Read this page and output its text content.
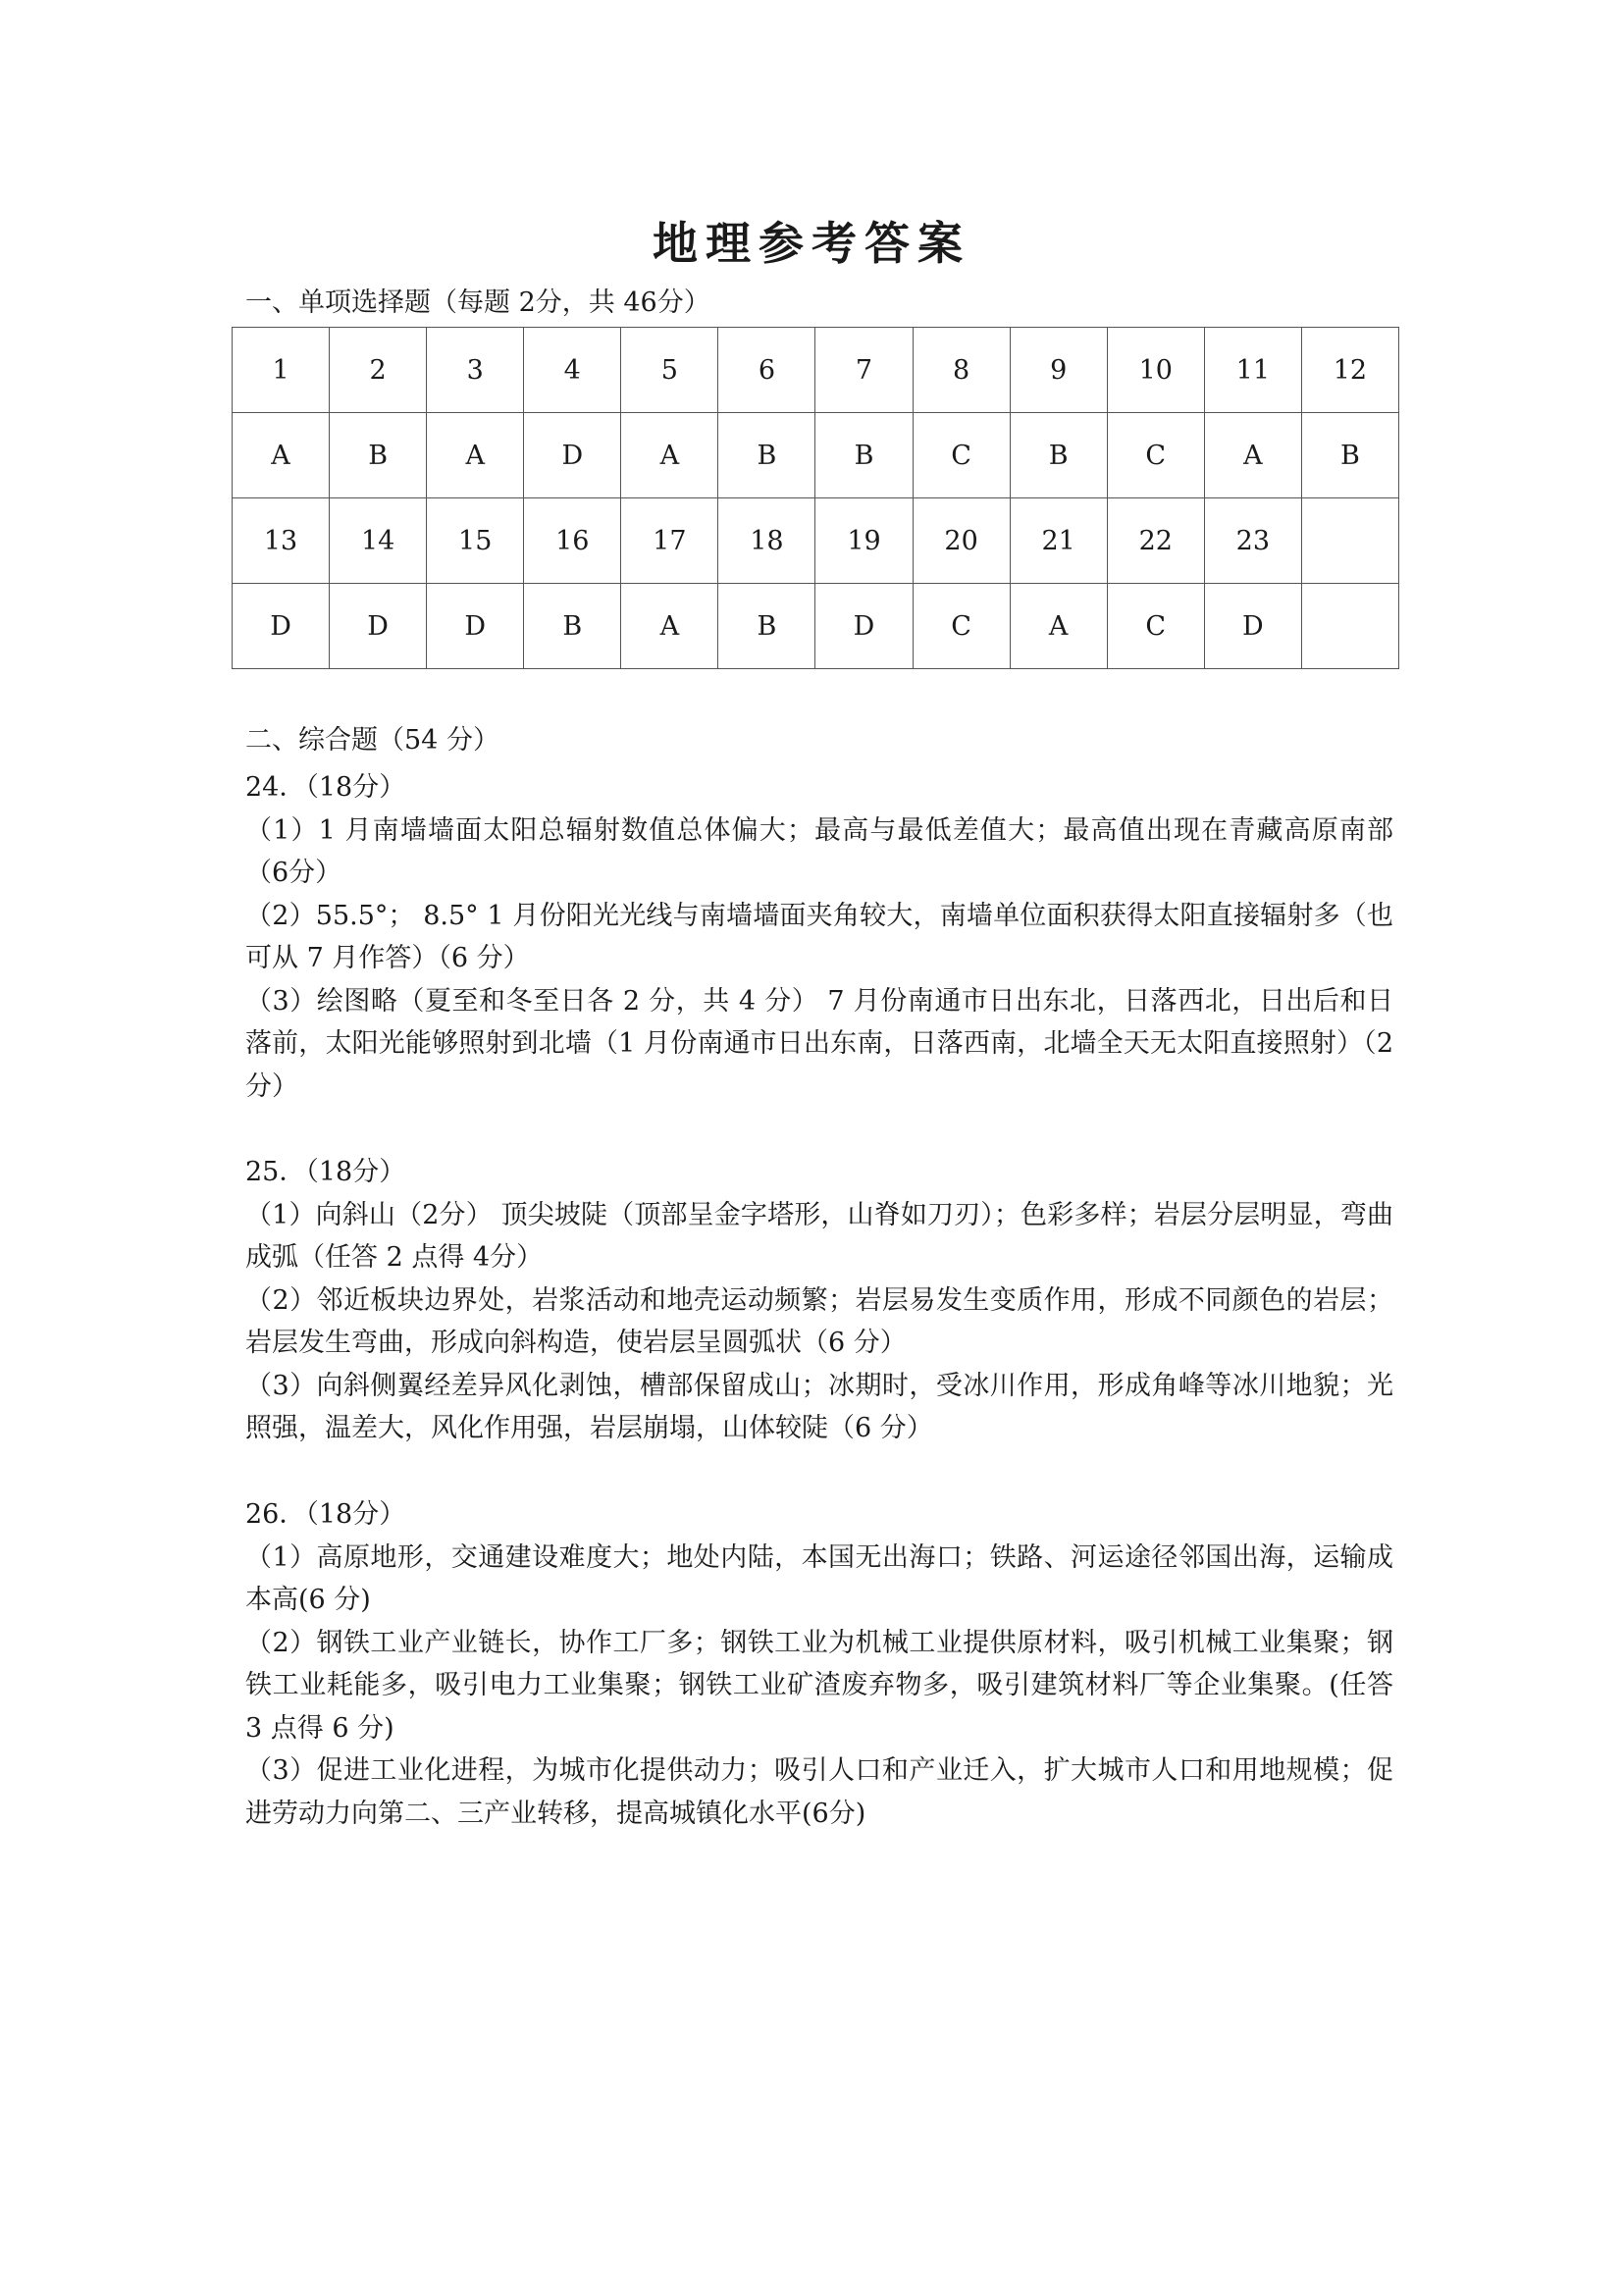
地理参考答案
一、单项选择题（每题 2分，共 46分）
1	2	3	4	5	6	7	8	9	10	11	12
A	B	A	D	A	B	B	C	B	C	A	B
13	14	15	16	17	18	19	20	21	22	23	
D	D	D	B	A	B	D	C	A	C	D	
二、综合题（54 分）

24．（18分）

（1）1 月南墙墙面太阳总辐射数值总体偏大；最高与最低差值大；最高值出现在青藏高原南部 （6分）

（2）55.5°； 8.5° 1 月份阳光光线与南墙墙面夹角较大，南墙单位面积获得太阳直接辐射多（也可从 7 月作答）（6 分）

（3）绘图略（夏至和冬至日各 2 分，共 4 分） 7 月份南通市日出东北，日落西北，日出后和日落前，太阳光能够照射到北墙（1 月份南通市日出东南，日落西南，北墙全天无太阳直接照射）（2 分）

25．（18分）

（1）向斜山（2分） 顶尖坡陡（顶部呈金字塔形，山脊如刀刃）；色彩多样；岩层分层明显，弯曲成弧（任答 2 点得 4分）

（2）邻近板块边界处，岩浆活动和地壳运动频繁；岩层易发生变质作用，形成不同颜色的岩层；岩层发生弯曲，形成向斜构造，使岩层呈圆弧状（6 分）

（3）向斜侧翼经差异风化剥蚀，槽部保留成山；冰期时，受冰川作用，形成角峰等冰川地貌；光照强，温差大，风化作用强，岩层崩塌，山体较陡（6 分）

26．（18分）

（1）高原地形，交通建设难度大；地处内陆，本国无出海口；铁路、河运途径邻国出海，运输成本高(6 分)

（2）钢铁工业产业链长，协作工厂多；钢铁工业为机械工业提供原材料，吸引机械工业集聚；钢铁工业耗能多，吸引电力工业集聚；钢铁工业矿渣废弃物多，吸引建筑材料厂等企业集聚。(任答 3 点得 6 分)

（3）促进工业化进程，为城市化提供动力；吸引人口和产业迁入，扩大城市人口和用地规模；促进劳动力向第二、三产业转移，提高城镇化水平(6分)
